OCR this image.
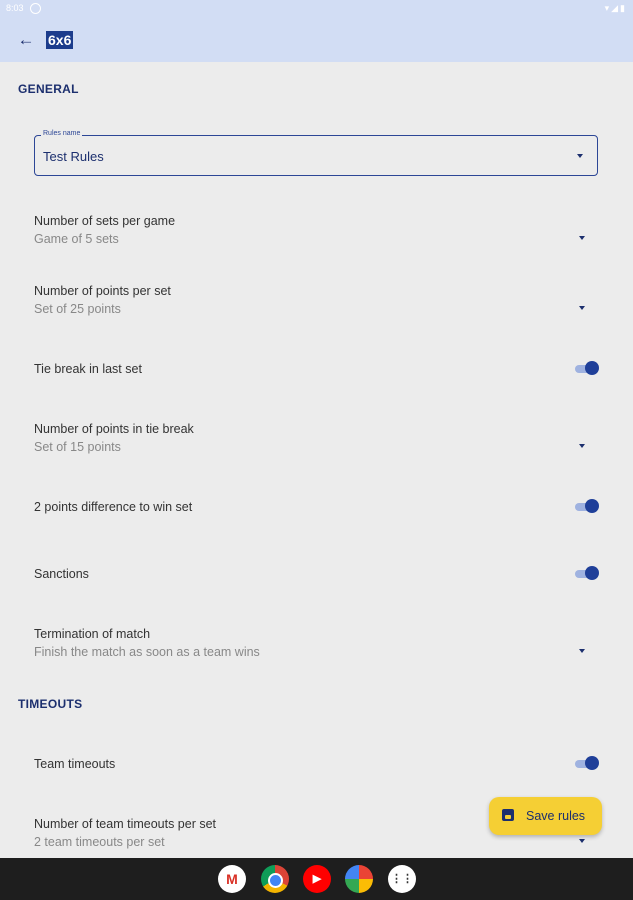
8:03	▾◢▮
← 6x6
GENERAL
Rules name
Test Rules
Number of sets per game
Game of 5 sets
Number of points per set
Set of 25 points
Tie break in last set
Number of points in tie break
Set of 15 points
2 points difference to win set
Sanctions
Termination of match
Finish the match as soon as a team wins
TIMEOUTS
Team timeouts
Number of team timeouts per set
2 team timeouts per set
Save rules
M	▶	⋮⋮
